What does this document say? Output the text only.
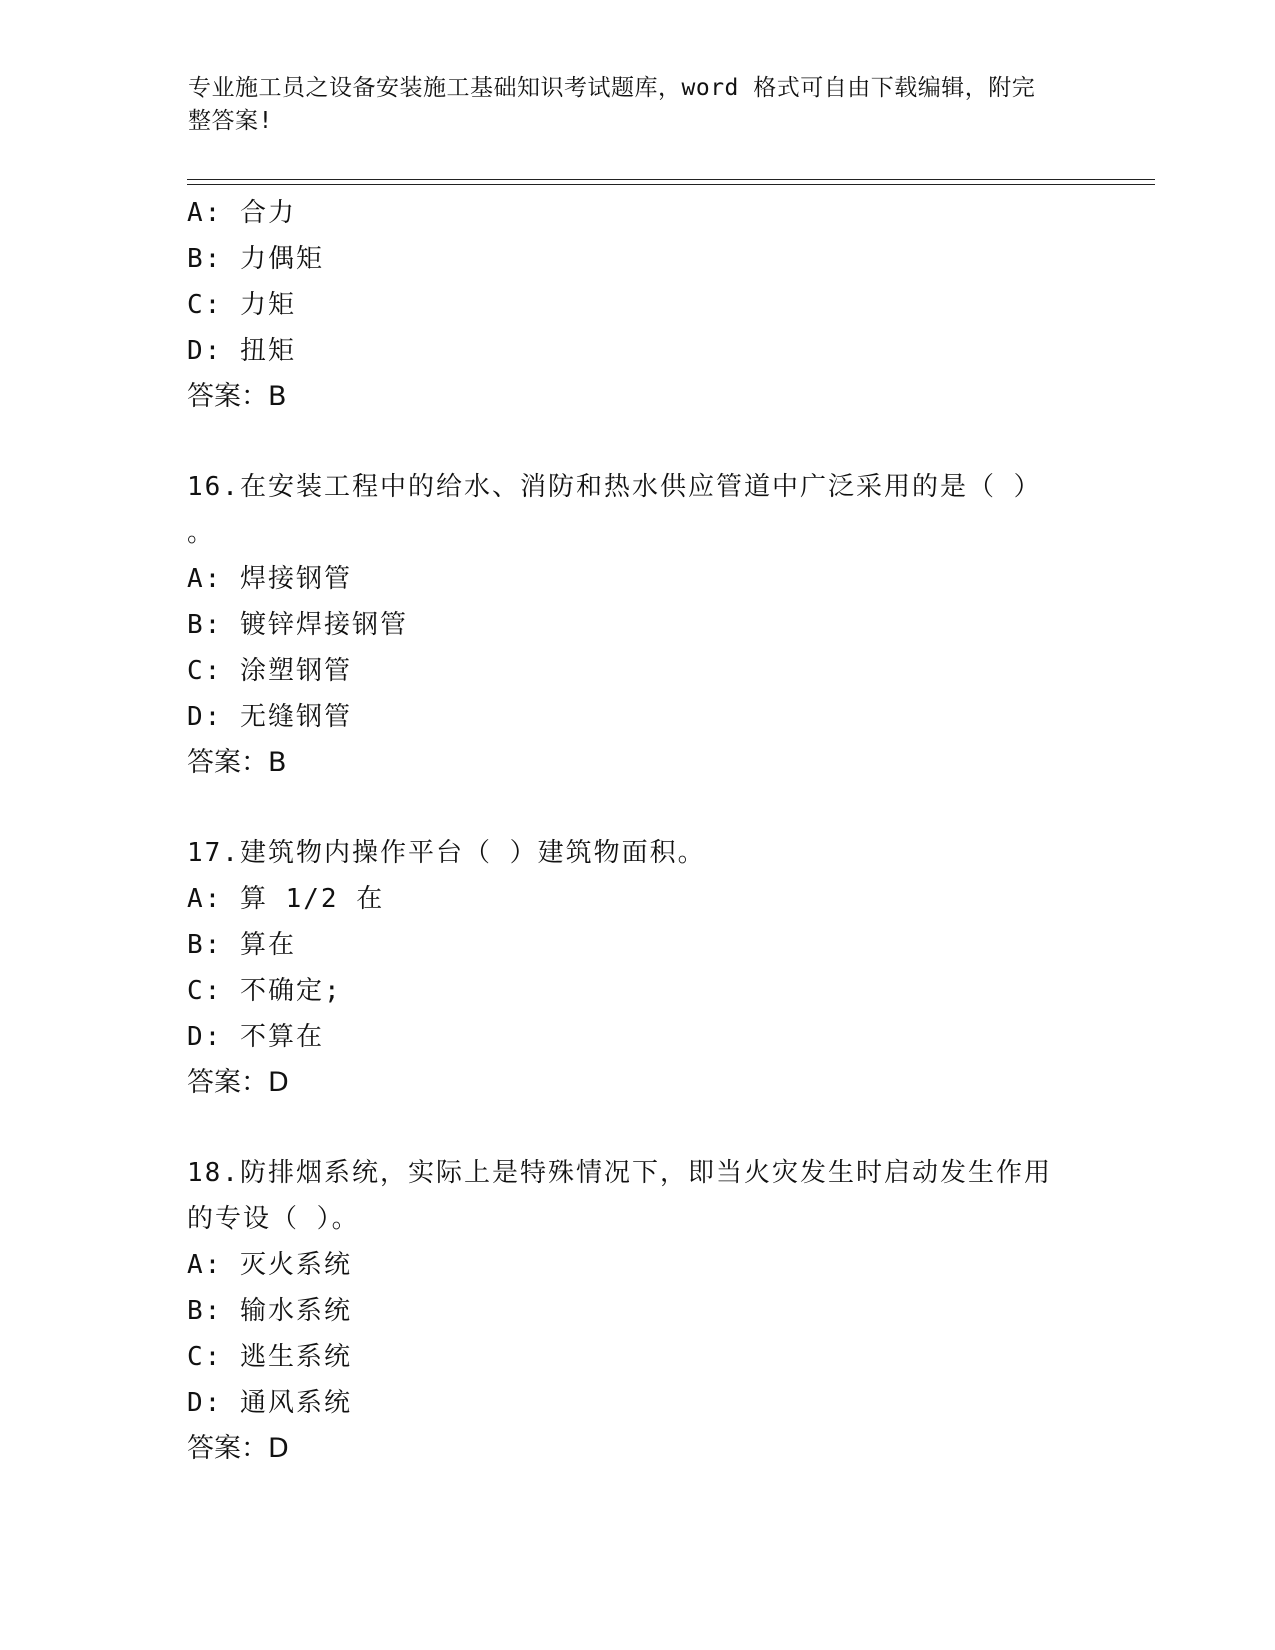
专业施工员之设备安装施工基础知识考试题库，word 格式可自由下载编辑，附完
整答案!
A: 合力
B: 力偶矩
C: 力矩
D: 扭矩
答案：B
16.在安装工程中的给水、消防和热水供应管道中广泛采用的是（ ）
。
A: 焊接钢管
B: 镀锌焊接钢管
C: 涂塑钢管
D: 无缝钢管
答案：B
17.建筑物内操作平台（ ）建筑物面积。
A: 算 1/2 在
B: 算在
C: 不确定;
D: 不算在
答案：D
18.防排烟系统，实际上是特殊情况下，即当火灾发生时启动发生作用
的专设（ ）。
A: 灭火系统
B: 输水系统
C: 逃生系统
D: 通风系统
答案：D
